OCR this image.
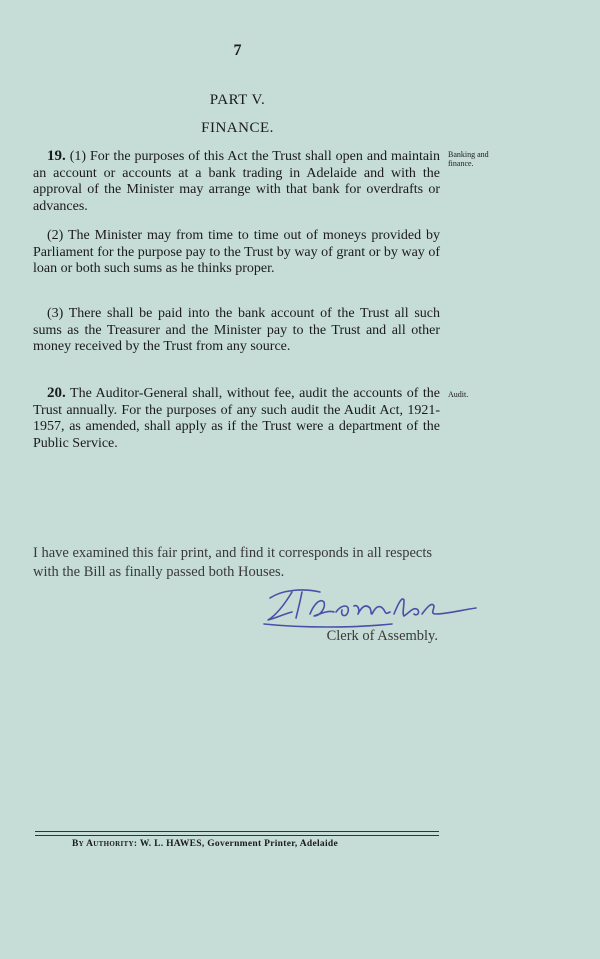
7
PART V.
FINANCE.

19. (1) For the purposes of this Act the Trust shall open and maintain an account or accounts at a bank trading in Adelaide and with the approval of the Minister may arrange with that bank for overdrafts or advances.

Banking and finance.

(2) The Minister may from time to time out of moneys provided by Parliament for the purpose pay to the Trust by way of grant or by way of loan or both such sums as he thinks proper.

(3) There shall be paid into the bank account of the Trust all such sums as the Treasurer and the Minister pay to the Trust and all other money received by the Trust from any source.

20. The Auditor-General shall, without fee, audit the accounts of the Trust annually. For the purposes of any such audit the Audit Act, 1921-1957, as amended, shall apply as if the Trust were a department of the Public Service.

Audit.

I have examined this fair print, and find it corresponds in all respects with the Bill as finally passed both Houses.

Clerk of Assembly.
By Authority: W. L. HAWES, Government Printer, Adelaide
